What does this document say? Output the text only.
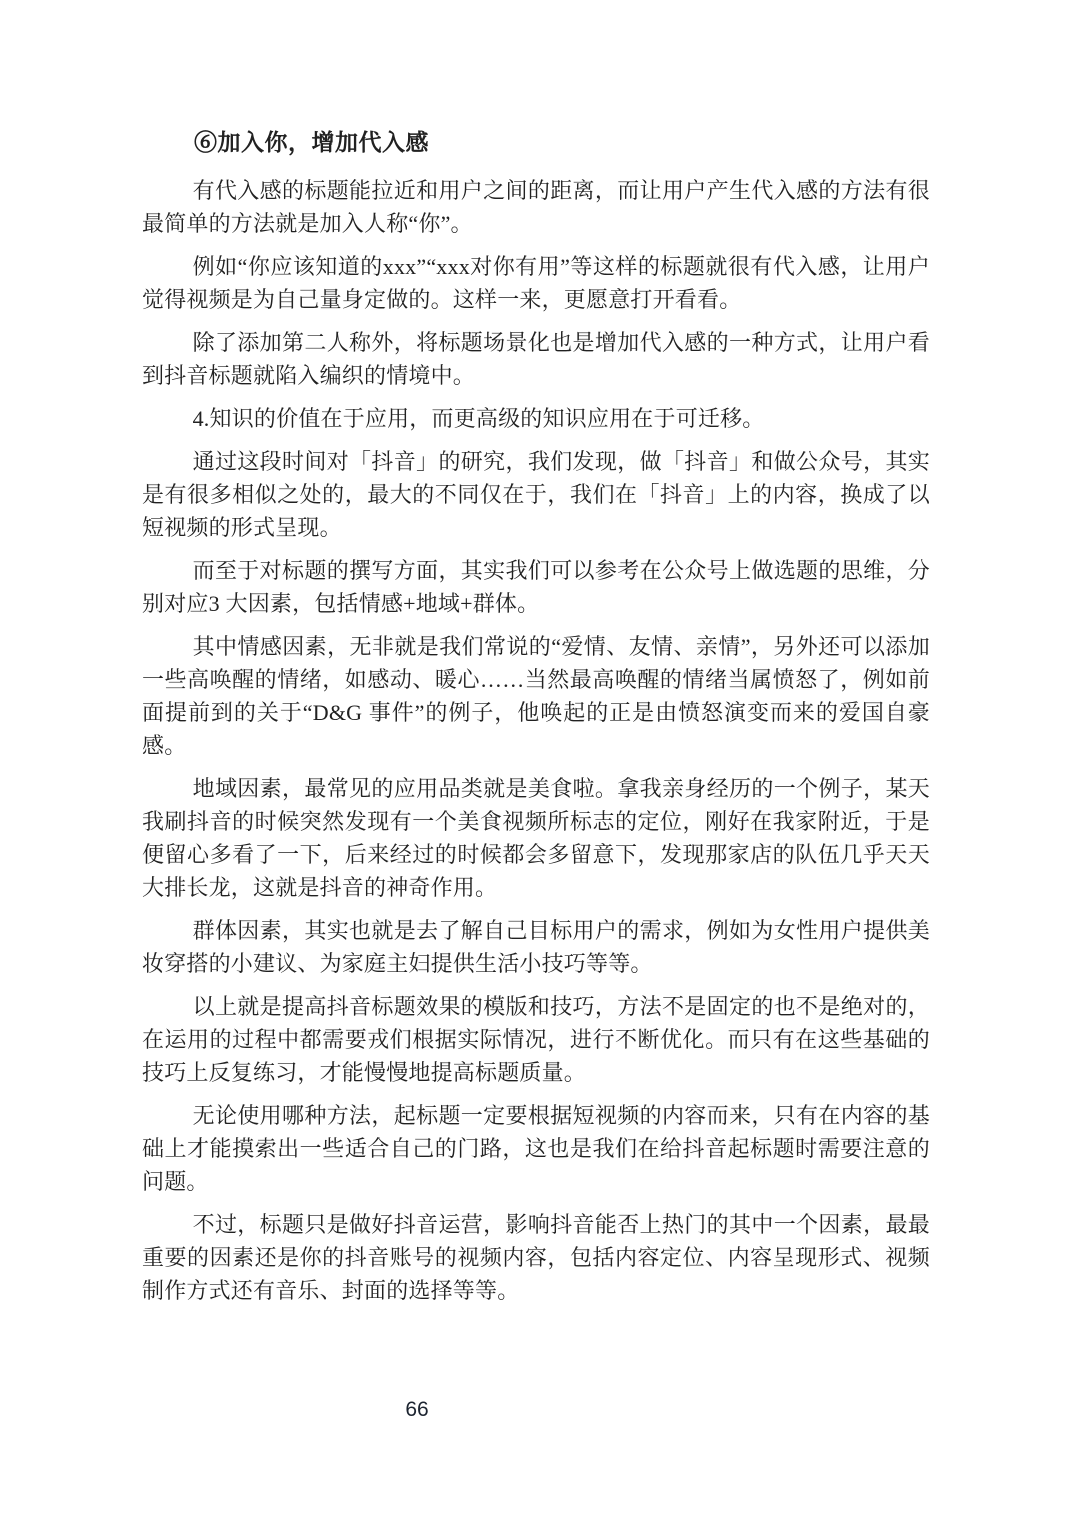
⑥加入你，增加代入感

有代入感的标题能拉近和用户之间的距离，而让用户产生代入感的方法有很最简单的方法就是加入人称“你”。

例如“你应该知道的xxx”“xxx对你有用”等这样的标题就很有代入感，让用户觉得视频是为自己量身定做的。这样一来，更愿意打开看看。

除了添加第二人称外，将标题场景化也是增加代入感的一种方式，让用户看到抖音标题就陷入编织的情境中。

4.知识的价值在于应用，而更高级的知识应用在于可迁移。

通过这段时间对「抖音」的研究，我们发现，做「抖音」和做公众号，其实是有很多相似之处的，最大的不同仅在于，我们在「抖音」上的内容，换成了以短视频的形式呈现。

而至于对标题的撰写方面，其实我们可以参考在公众号上做选题的思维，分别对应3 大因素，包括情感+地域+群体。

其中情感因素，无非就是我们常说的“爱情、友情、亲情”，另外还可以添加一些高唤醒的情绪，如感动、暖心……当然最高唤醒的情绪当属愤怒了，例如前面提前到的关于“D&G 事件”的例子，他唤起的正是由愤怒演变而来的爱国自豪感。

地域因素，最常见的应用品类就是美食啦。拿我亲身经历的一个例子，某天我刷抖音的时候突然发现有一个美食视频所标志的定位，刚好在我家附近，于是便留心多看了一下，后来经过的时候都会多留意下，发现那家店的队伍几乎天天大排长龙，这就是抖音的神奇作用。

群体因素，其实也就是去了解自己目标用户的需求，例如为女性用户提供美妆穿搭的小建议、为家庭主妇提供生活小技巧等等。

以上就是提高抖音标题效果的模版和技巧，方法不是固定的也不是绝对的，在运用的过程中都需要戎们根据实际情况，进行不断优化。而只有在这些基础的技巧上反复练习，才能慢慢地提高标题质量。

无论使用哪种方法，起标题一定要根据短视频的内容而来，只有在内容的基础上才能摸索出一些适合自己的门路，这也是我们在给抖音起标题时需要注意的问题。

不过，标题只是做好抖音运营，影响抖音能否上热门的其中一个因素，最最重要的因素还是你的抖音账号的视频内容，包括内容定位、内容呈现形式、视频制作方式还有音乐、封面的选择等等。

66
